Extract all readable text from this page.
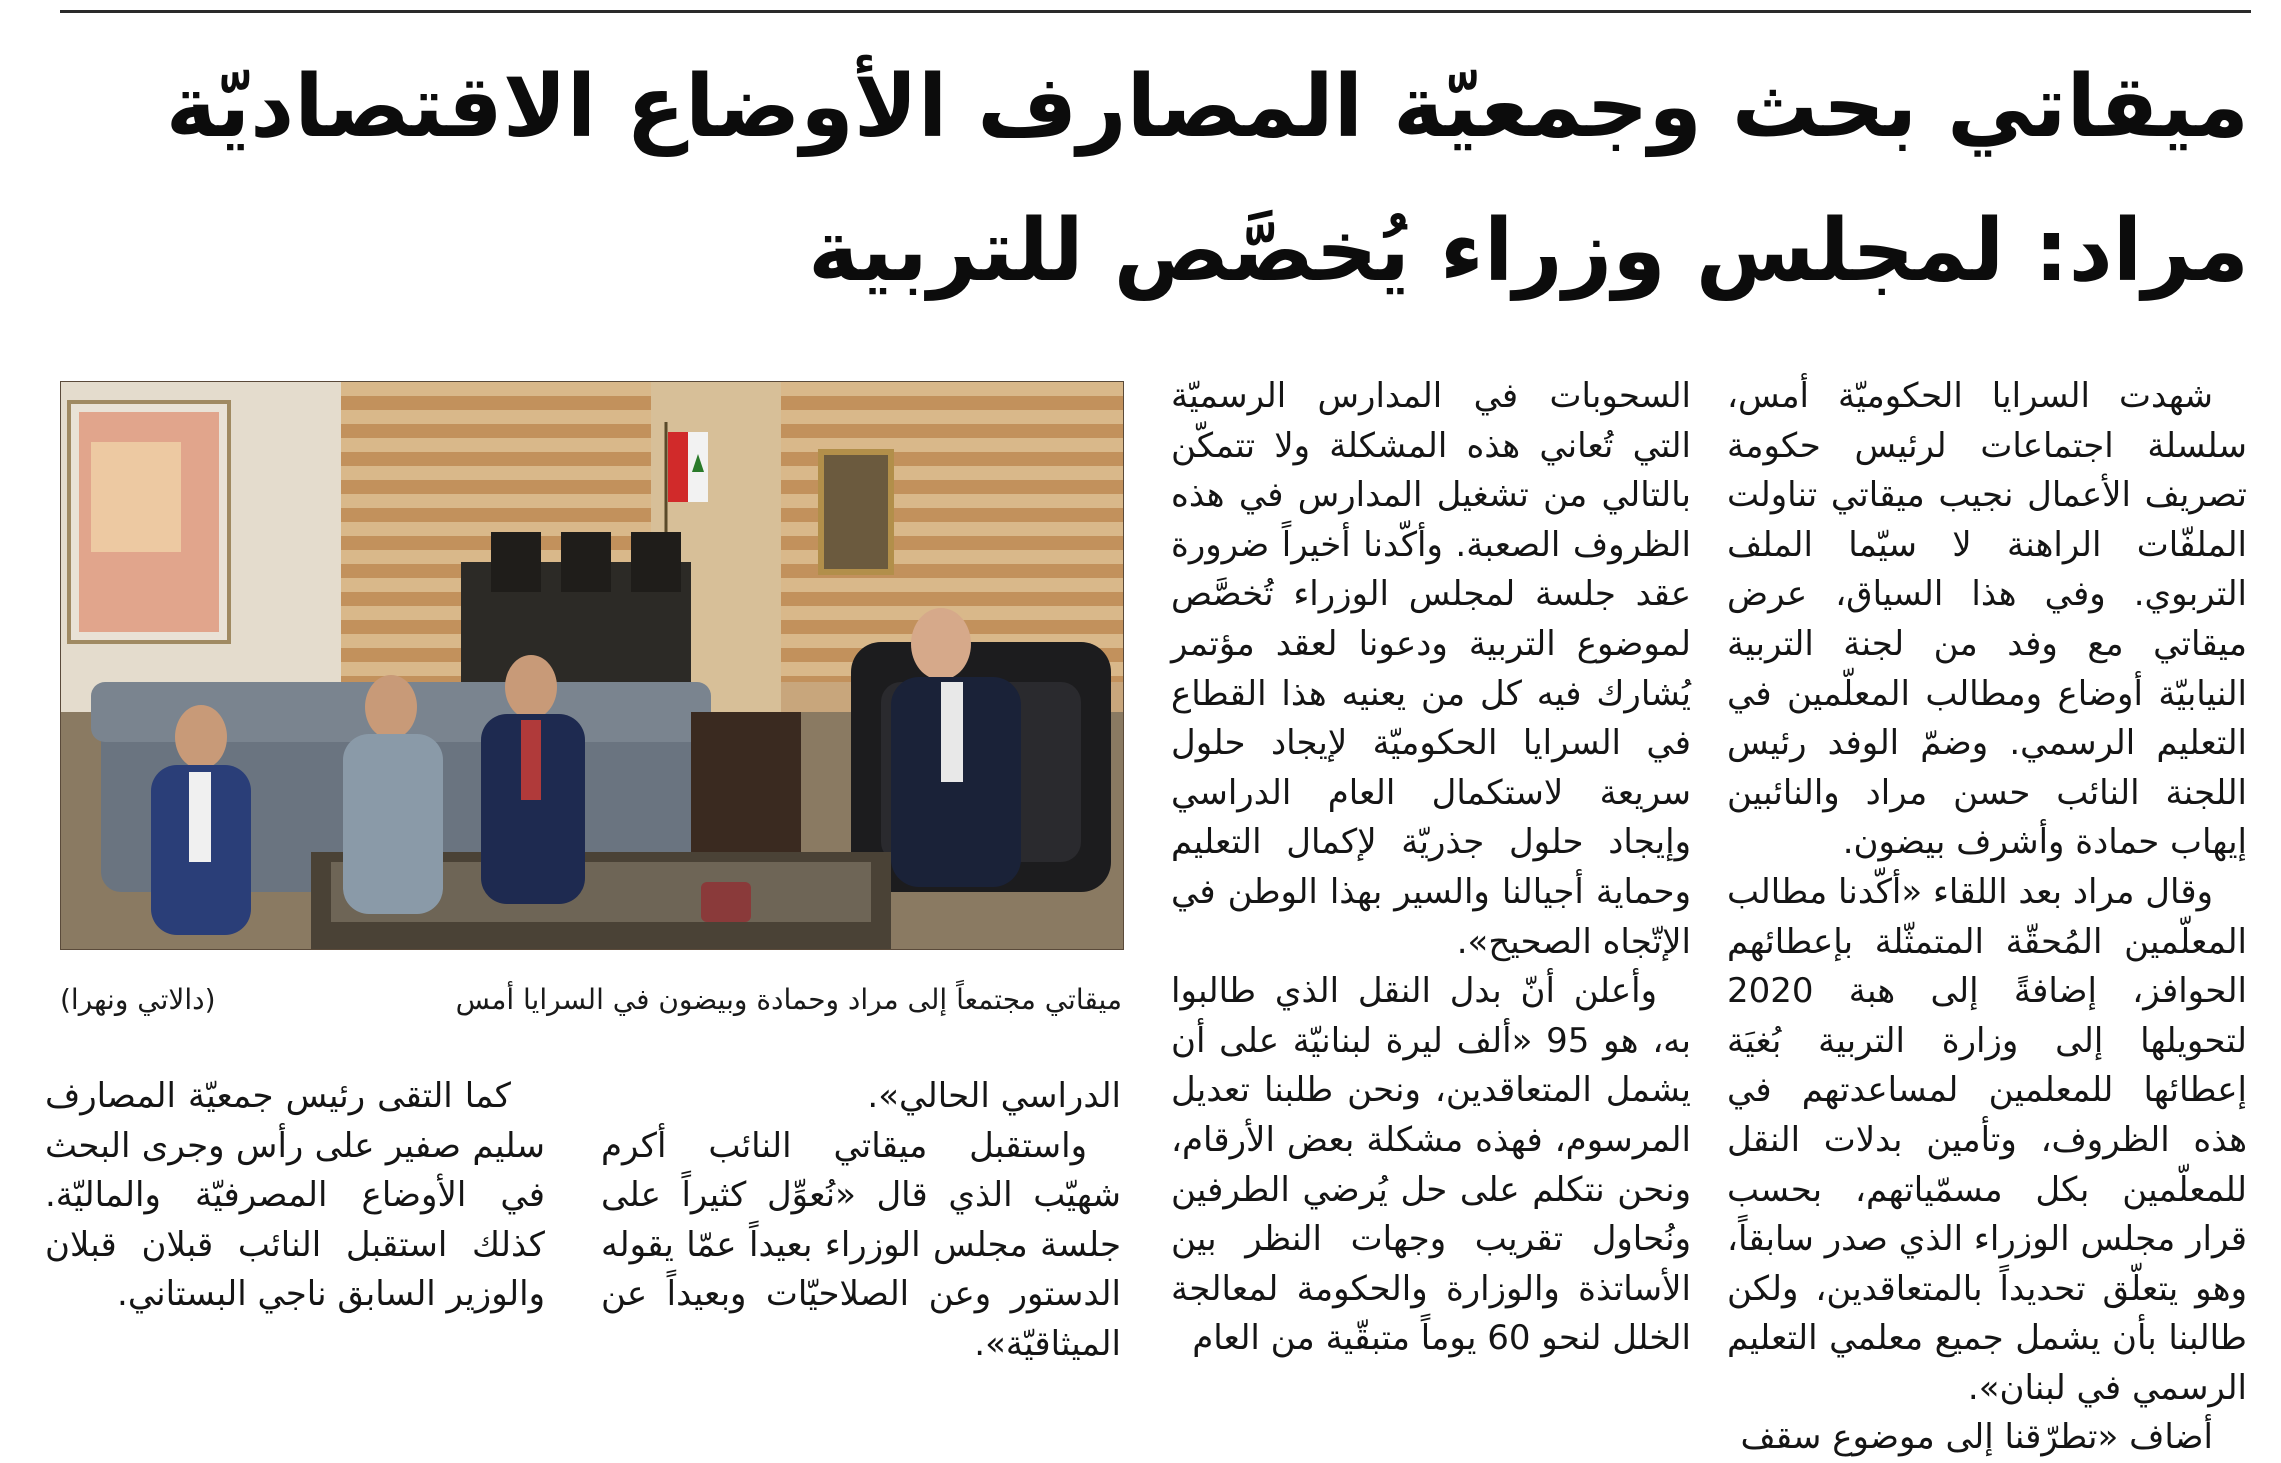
ميقاتي بحث وجمعيّة المصارف الأوضاع الاقتصاديّة
مراد: لمجلس وزراء يُخصَّص للتربية

شهدت السرايا الحكوميّة أمس، سلسلة اجتماعات لرئيس حكومة تصريف الأعمال نجيب ميقاتي تناولت الملفّات الراهنة لا سيّما الملف التربوي. وفي هذا السياق، عرض ميقاتي مع وفد من لجنة التربية النيابيّة أوضاع ومطالب المعلّمين في التعليم الرسمي. وضمّ الوفد رئيس اللجنة النائب حسن مراد والنائبين إيهاب حمادة وأشرف بيضون.

وقال مراد بعد اللقاء «أكّدنا مطالب المعلّمين المُحقّة المتمثّلة بإعطائهم الحوافز، إضافةً إلى هبة 2020 لتحويلها إلى وزارة التربية بُغيَة إعطائها للمعلمين لمساعدتهم في هذه الظروف، وتأمين بدلات النقل للمعلّمين بكل مسمّياتهم، بحسب قرار مجلس الوزراء الذي صدر سابقاً، وهو يتعلّق تحديداً بالمتعاقدين، ولكن طالبنا بأن يشمل جميع معلمي التعليم الرسمي في لبنان».

أضاف «تطرّقنا إلى موضوع سقف

السحوبات في المدارس الرسميّة التي تُعاني هذه المشكلة ولا تتمكّن بالتالي من تشغيل المدارس في هذه الظروف الصعبة. وأكّدنا أخيراً ضرورة عقد جلسة لمجلس الوزراء تُخصَّص لموضوع التربية ودعونا لعقد مؤتمر يُشارك فيه كل من يعنيه هذا القطاع في السرايا الحكوميّة لإيجاد حلول سريعة لاستكمال العام الدراسي وإيجاد حلول جذريّة لإكمال التعليم وحماية أجيالنا والسير بهذا الوطن في الإتّجاه الصحيح».

وأعلن أنّ بدل النقل الذي طالبوا به، هو 95 «ألف ليرة لبنانيّة على أن يشمل المتعاقدين، ونحن طلبنا تعديل المرسوم، فهذه مشكلة بعض الأرقام، ونحن نتكلم على حل يُرضي الطرفين ونُحاول تقريب وجهات النظر بين الأساتذة والوزارة والحكومة لمعالجة الخلل لنحو 60 يوماً متبقّية من العام

ميقاتي مجتمعاً إلى مراد وحمادة وبيضون في السرايا أمس
(دالاتي ونهرا)

الدراسي الحالي».

واستقبل ميقاتي النائب أكرم شهيّب الذي قال «نُعوِّل كثيراً على جلسة مجلس الوزراء بعيداً عمّا يقوله الدستور وعن الصلاحيّات وبعيداً عن الميثاقيّة».

كما التقى رئيس جمعيّة المصارف سليم صفير على رأس وجرى البحث في الأوضاع المصرفيّة والماليّة. كذلك استقبل النائب قبلان قبلان والوزير السابق ناجي البستاني.
